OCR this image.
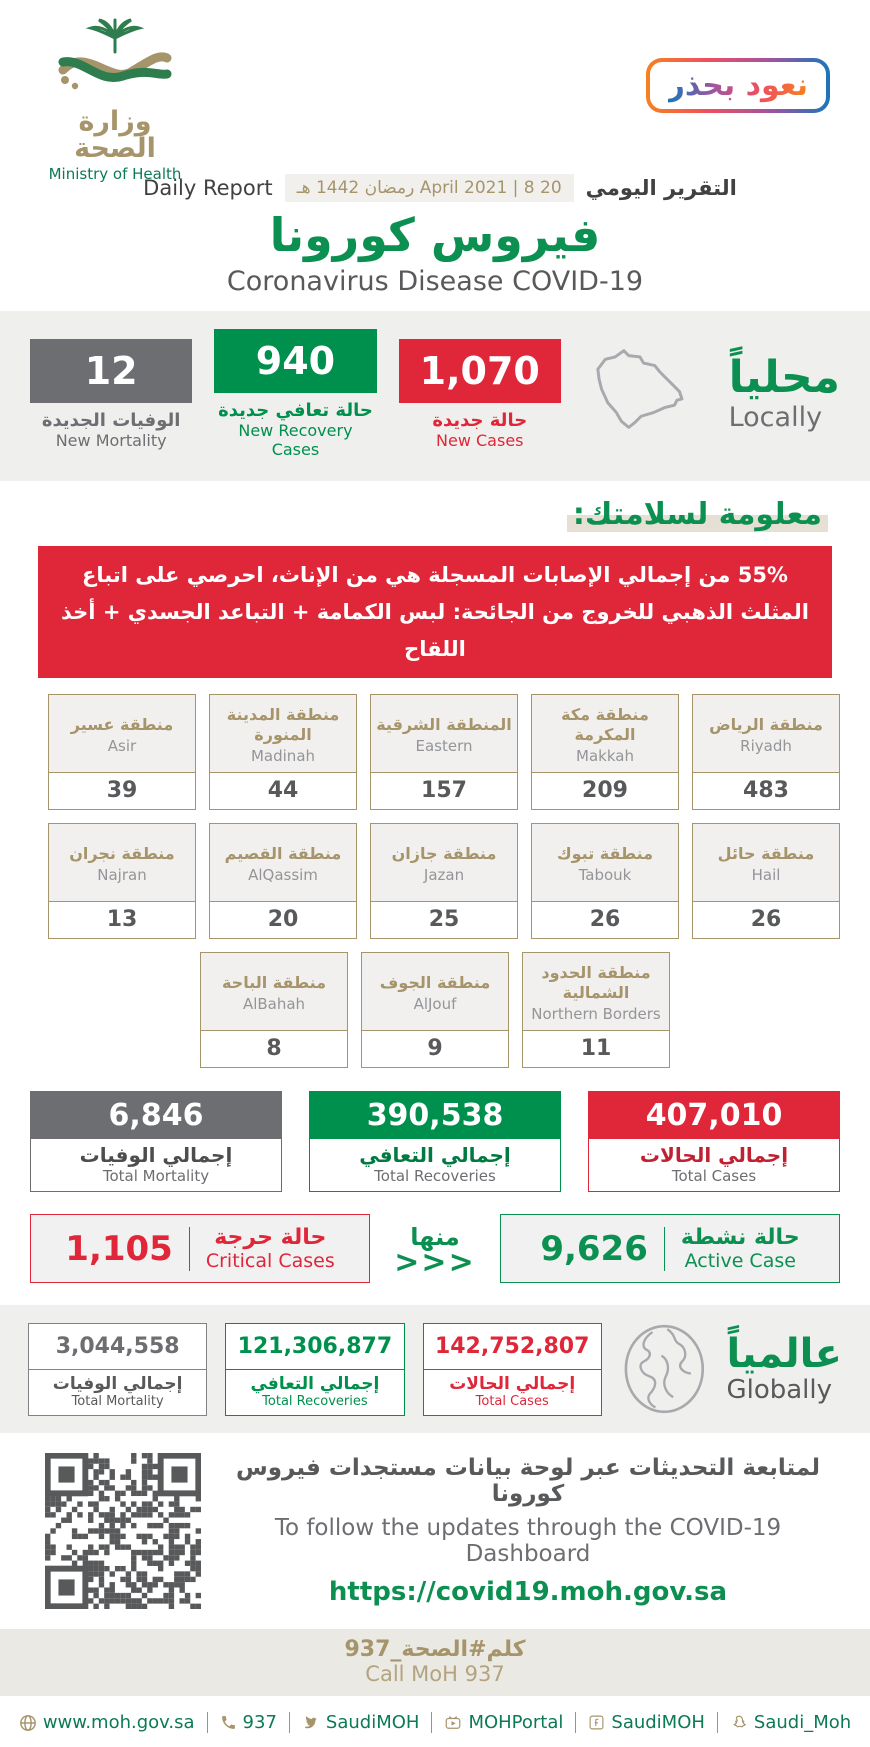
وزارة الصحة
Ministry of Health
نعود بحذر
التقرير اليومي
20 April 2021 | 8 رمضان 1442 هـ
Daily Report
فيروس كورونا
Coronavirus Disease COVID-19
محلياً
Locally
1,070
حالة جديدة
New Cases
940
حالة تعافي جديدة
New Recovery Cases
12
الوفيات الجديدة
New Mortality
معلومة لسلامتك:
55% من إجمالي الإصابات المسجلة هي من الإناث، احرصي على اتباع المثلث الذهبي للخروج من الجائحة: لبس الكمامة + التباعد الجسدي + أخذ اللقاح
منطقة الرياض
Riyadh
483
منطقة مكة المكرمة
Makkah
209
المنطقة الشرقية
Eastern
157
منطقة المدينة المنورة
Madinah
44
منطقة عسير
Asir
39
منطقة حائل
Hail
26
منطقة تبوك
Tabouk
26
منطقة جازان
Jazan
25
منطقة القصيم
AlQassim
20
منطقة نجران
Najran
13
منطقة الحدود الشمالية
Northern Borders
11
منطقة الجوف
AlJouf
9
منطقة الباحة
AlBahah
8
407,010
إجمالي الحالات
Total Cases
390,538
إجمالي التعافي
Total Recoveries
6,846
إجمالي الوفيات
Total Mortality
حالة نشطة
Active Case
9,626
منها
<<<
حالة حرجة
Critical Cases
1,105
عالمياً
Globally
142,752,807
إجمالي الحالات
Total Cases
121,306,877
إجمالي التعافي
Total Recoveries
3,044,558
إجمالي الوفيات
Total Mortality
لمتابعة التحديثات عبر لوحة بيانات مستجدات فيروس كورونا
To follow the updates through the COVID-19 Dashboard
https://covid19.moh.gov.sa
كلم#الصحة_937
Call MoH 937
www.moh.gov.sa	937	SaudiMOH	MOHPortal	SaudiMOH	Saudi_Moh
